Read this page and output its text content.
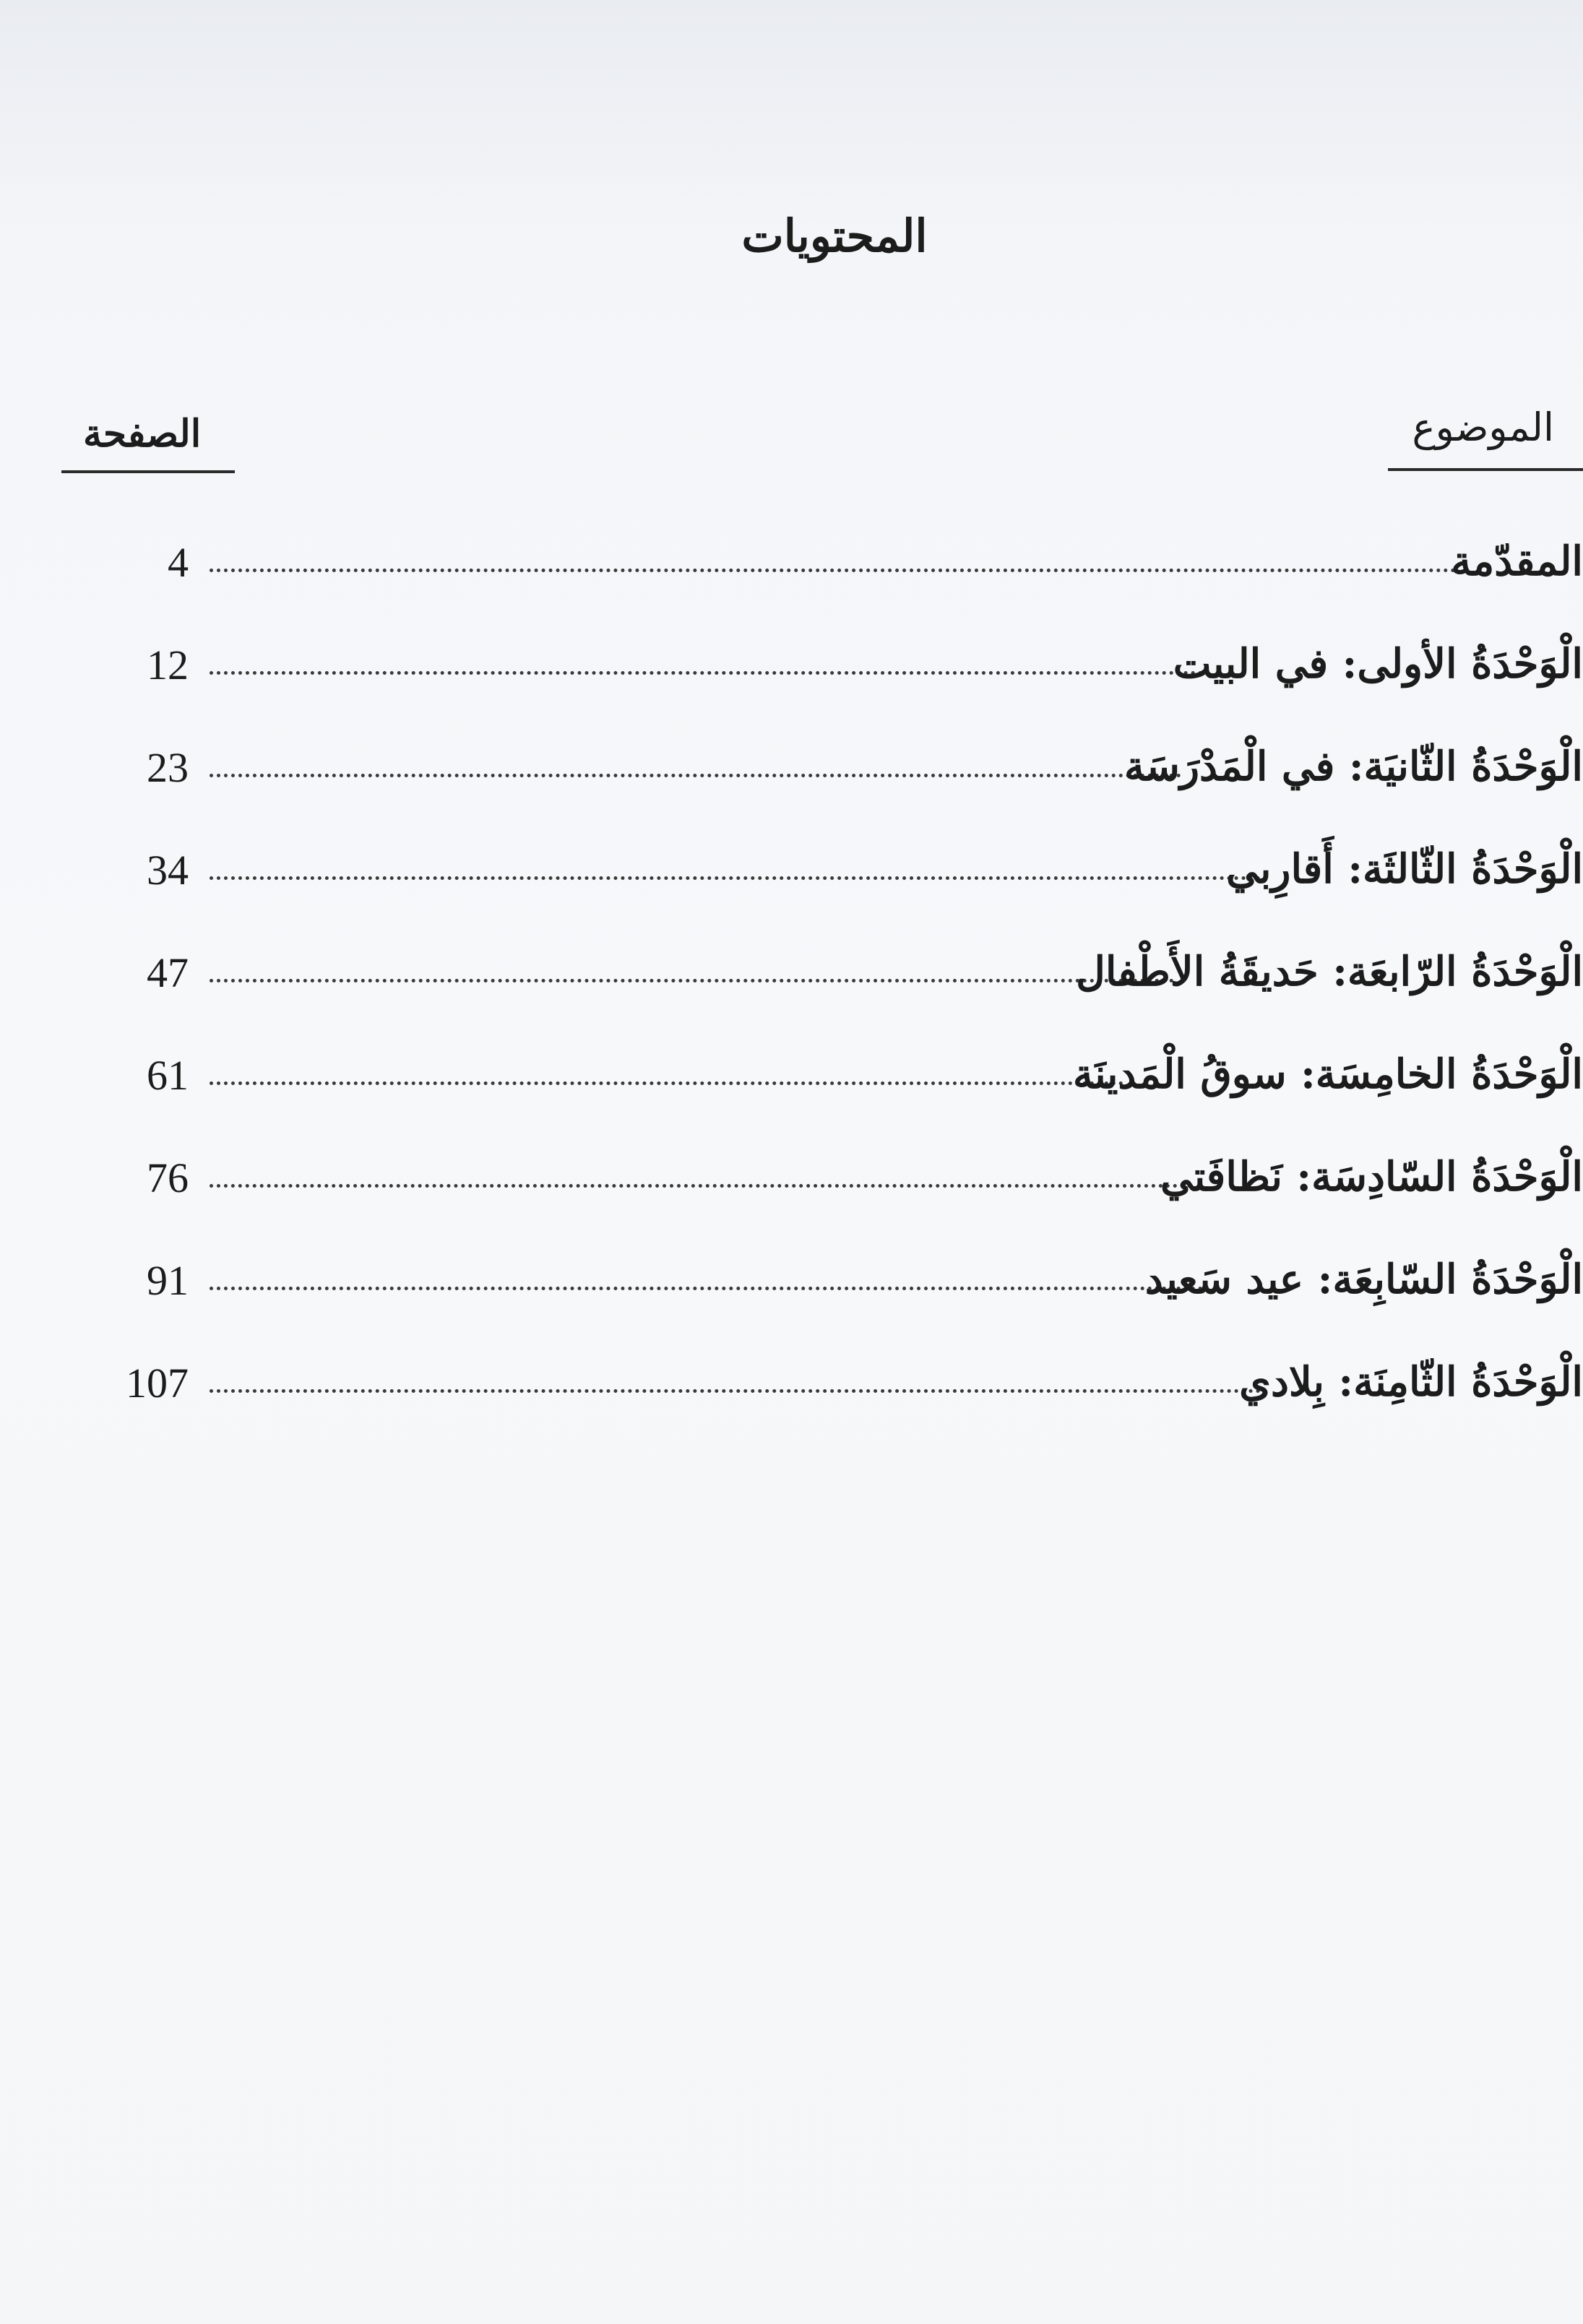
المحتويات
الموضوع
الصفحة
4	المقدّمة
12	الْوَحْدَةُ الأولى: في البيت
23	الْوَحْدَةُ الثّانيَة: في الْمَدْرَسَة
34	الْوَحْدَةُ الثّالثَة: أَقارِبي
47	الْوَحْدَةُ الرّابعَة: حَديقَةُ الأَطْفال
61	الْوَحْدَةُ الخامِسَة: سوقُ الْمَدينَة
76	الْوَحْدَةُ السّادِسَة: نَظافَتي
91	الْوَحْدَةُ السّابِعَة: عيد سَعيد
107	الْوَحْدَةُ الثّامِنَة: بِلادي
